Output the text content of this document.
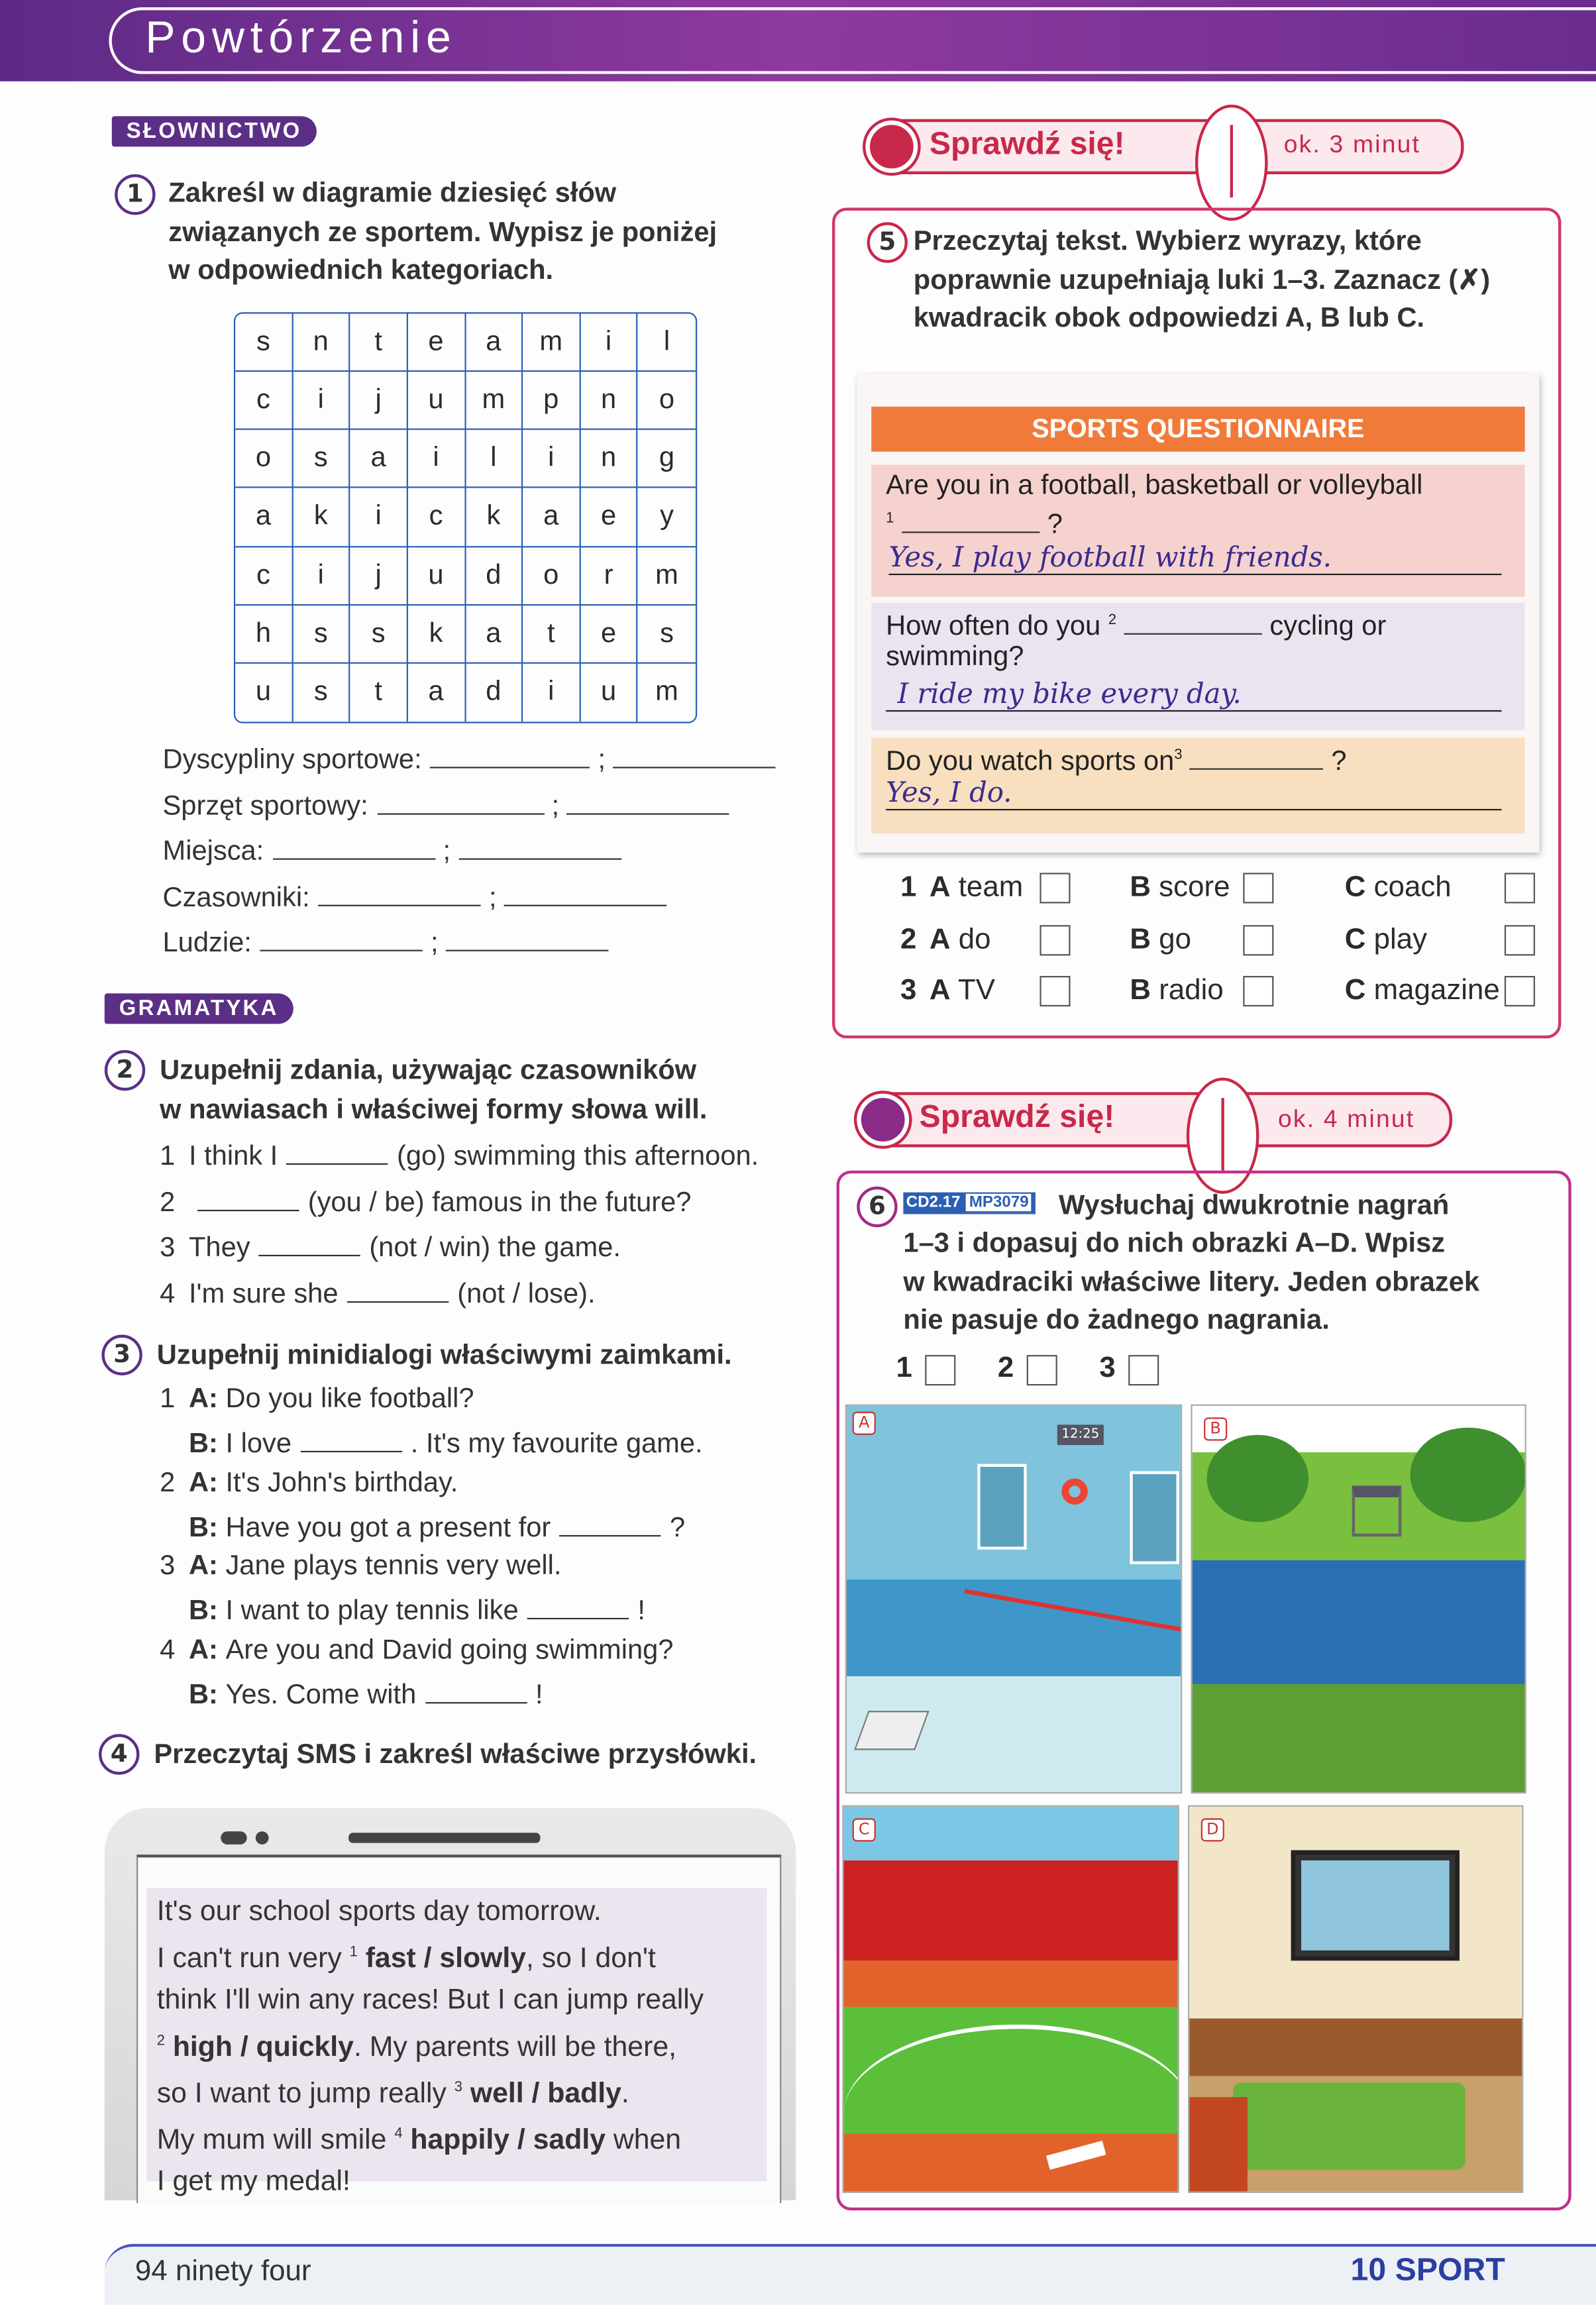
Powtórzenie
SŁOWNICTWO
1	Zakreśl w diagramie dziesięć słów
związanych ze sportem. Wypisz je poniżej
w odpowiednich kategoriach.
s	n	t	e	a	m	i	l
c	i	j	u	m	p	n	o
o	s	a	i	l	i	n	g
a	k	i	c	k	a	e	y
c	i	j	u	d	o	r	m
h	s	s	k	a	t	e	s
u	s	t	a	d	i	u	m
Dyscypliny sportowe:	;
Sprzęt sportowy:	;
Miejsca:	;
Czasowniki:	;
Ludzie:	;
GRAMATYKA
2	Uzupełnij zdania, używając czasowników
w nawiasach i właściwej formy słowa will.
1 I think I	(go) swimming this afternoon.
2	(you / be) famous in the future?
3 They	(not / win) the game.
4 I'm sure she	(not / lose).
3	Uzupełnij minidialogi właściwymi zaimkami.
1 A: Do you like football?
B: I love	. It's my favourite game.
2 A: It's John's birthday.
B: Have you got a present for	?
3 A: Jane plays tennis very well.
B: I want to play tennis like	!
4 A: Are you and David going swimming?
B: Yes. Come with	!
4	Przeczytaj SMS i zakreśl właściwe przysłówki.
It's our school sports day tomorrow.
I can't run very $^1$ fast / slowly, so I don't
think I'll win any races! But I can jump really
$^2$ high / quickly. My parents will be there,
so I want to jump really $^3$ well / badly.
My mum will smile $^4$ happily / sadly when
I get my medal!
Sprawdź się!	ok. 3 minut
5	Przeczytaj tekst. Wybierz wyrazy, które
poprawnie uzupełniają luki 1–3. Zaznacz (✗)
kwadracik obok odpowiedzi A, B lub C.
SPORTS QUESTIONNAIRE
Are you in a football, basketball or volleyball
$^1$	?
Yes, I play football with friends.
How often do you $^2$	cycling or
swimming?
I ride my bike every day.
Do you watch sports $on^3$	?
Yes, I do.
1 A team	B score	C coach
2 A do	B go	C play
3 A TV	B radio	C magazine
Sprawdź się!	ok. 4 minut
6	CD2.17 MP3079	Wysłuchaj dwukrotnie nagrań
1–3 i dopasuj do nich obrazki A–D. Wpisz
w kwadraciki właściwe litery. Jeden obrazek
nie pasuje do żadnego nagrania.
1	2	3
12:25
A	B
C	D
94 ninety four	10 SPORT
